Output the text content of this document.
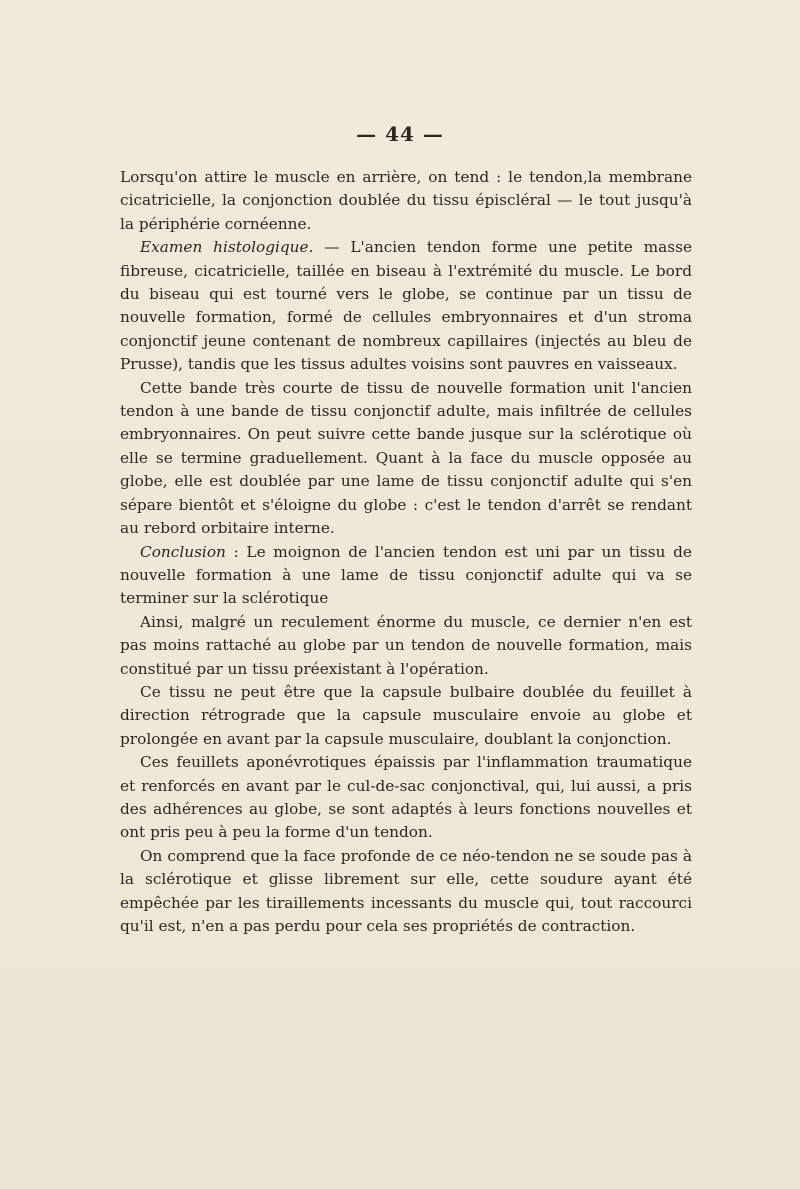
— 44 —

Lorsqu'on attire le muscle en arrière, on tend : le tendon,la membrane cicatricielle, la conjonction doublée du tissu épiscléral — le tout jusqu'à la périphérie cornéenne.

Examen histologique. — L'ancien tendon forme une petite masse fibreuse, cicatricielle, taillée en biseau à l'extrémité du muscle. Le bord du biseau qui est tourné vers le globe, se continue par un tissu de nouvelle formation, formé de cellules embryonnaires et d'un stroma conjonctif jeune contenant de nombreux capillaires (injectés au bleu de Prusse), tandis que les tissus adultes voisins sont pauvres en vaisseaux.

Cette bande très courte de tissu de nouvelle formation unit l'ancien tendon à une bande de tissu conjonctif adulte, mais infiltrée de cellules embryonnaires. On peut suivre cette bande jusque sur la sclérotique où elle se termine graduellement. Quant à la face du muscle opposée au globe, elle est doublée par une lame de tissu conjonctif adulte qui s'en sépare bientôt et s'éloigne du globe : c'est le tendon d'arrêt se rendant au rebord orbitaire interne.

Conclusion : Le moignon de l'ancien tendon est uni par un tissu de nouvelle formation à une lame de tissu conjonctif adulte qui va se terminer sur la sclérotique

Ainsi, malgré un reculement énorme du muscle, ce dernier n'en est pas moins rattaché au globe par un tendon de nouvelle formation, mais constitué par un tissu préexistant à l'opération.

Ce tissu ne peut être que la capsule bulbaire doublée du feuillet à direction rétrograde que la capsule musculaire envoie au globe et prolongée en avant par la capsule musculaire, doublant la conjonction.

Ces feuillets aponévrotiques épaissis par l'inflammation traumatique et renforcés en avant par le cul-de-sac conjonctival, qui, lui aussi, a pris des adhérences au globe, se sont adaptés à leurs fonctions nouvelles et ont pris peu à peu la forme d'un tendon.

On comprend que la face profonde de ce néo-tendon ne se soude pas à la sclérotique et glisse librement sur elle, cette soudure ayant été empêchée par les tiraillements incessants du muscle qui, tout raccourci qu'il est, n'en a pas perdu pour cela ses propriétés de contraction.
